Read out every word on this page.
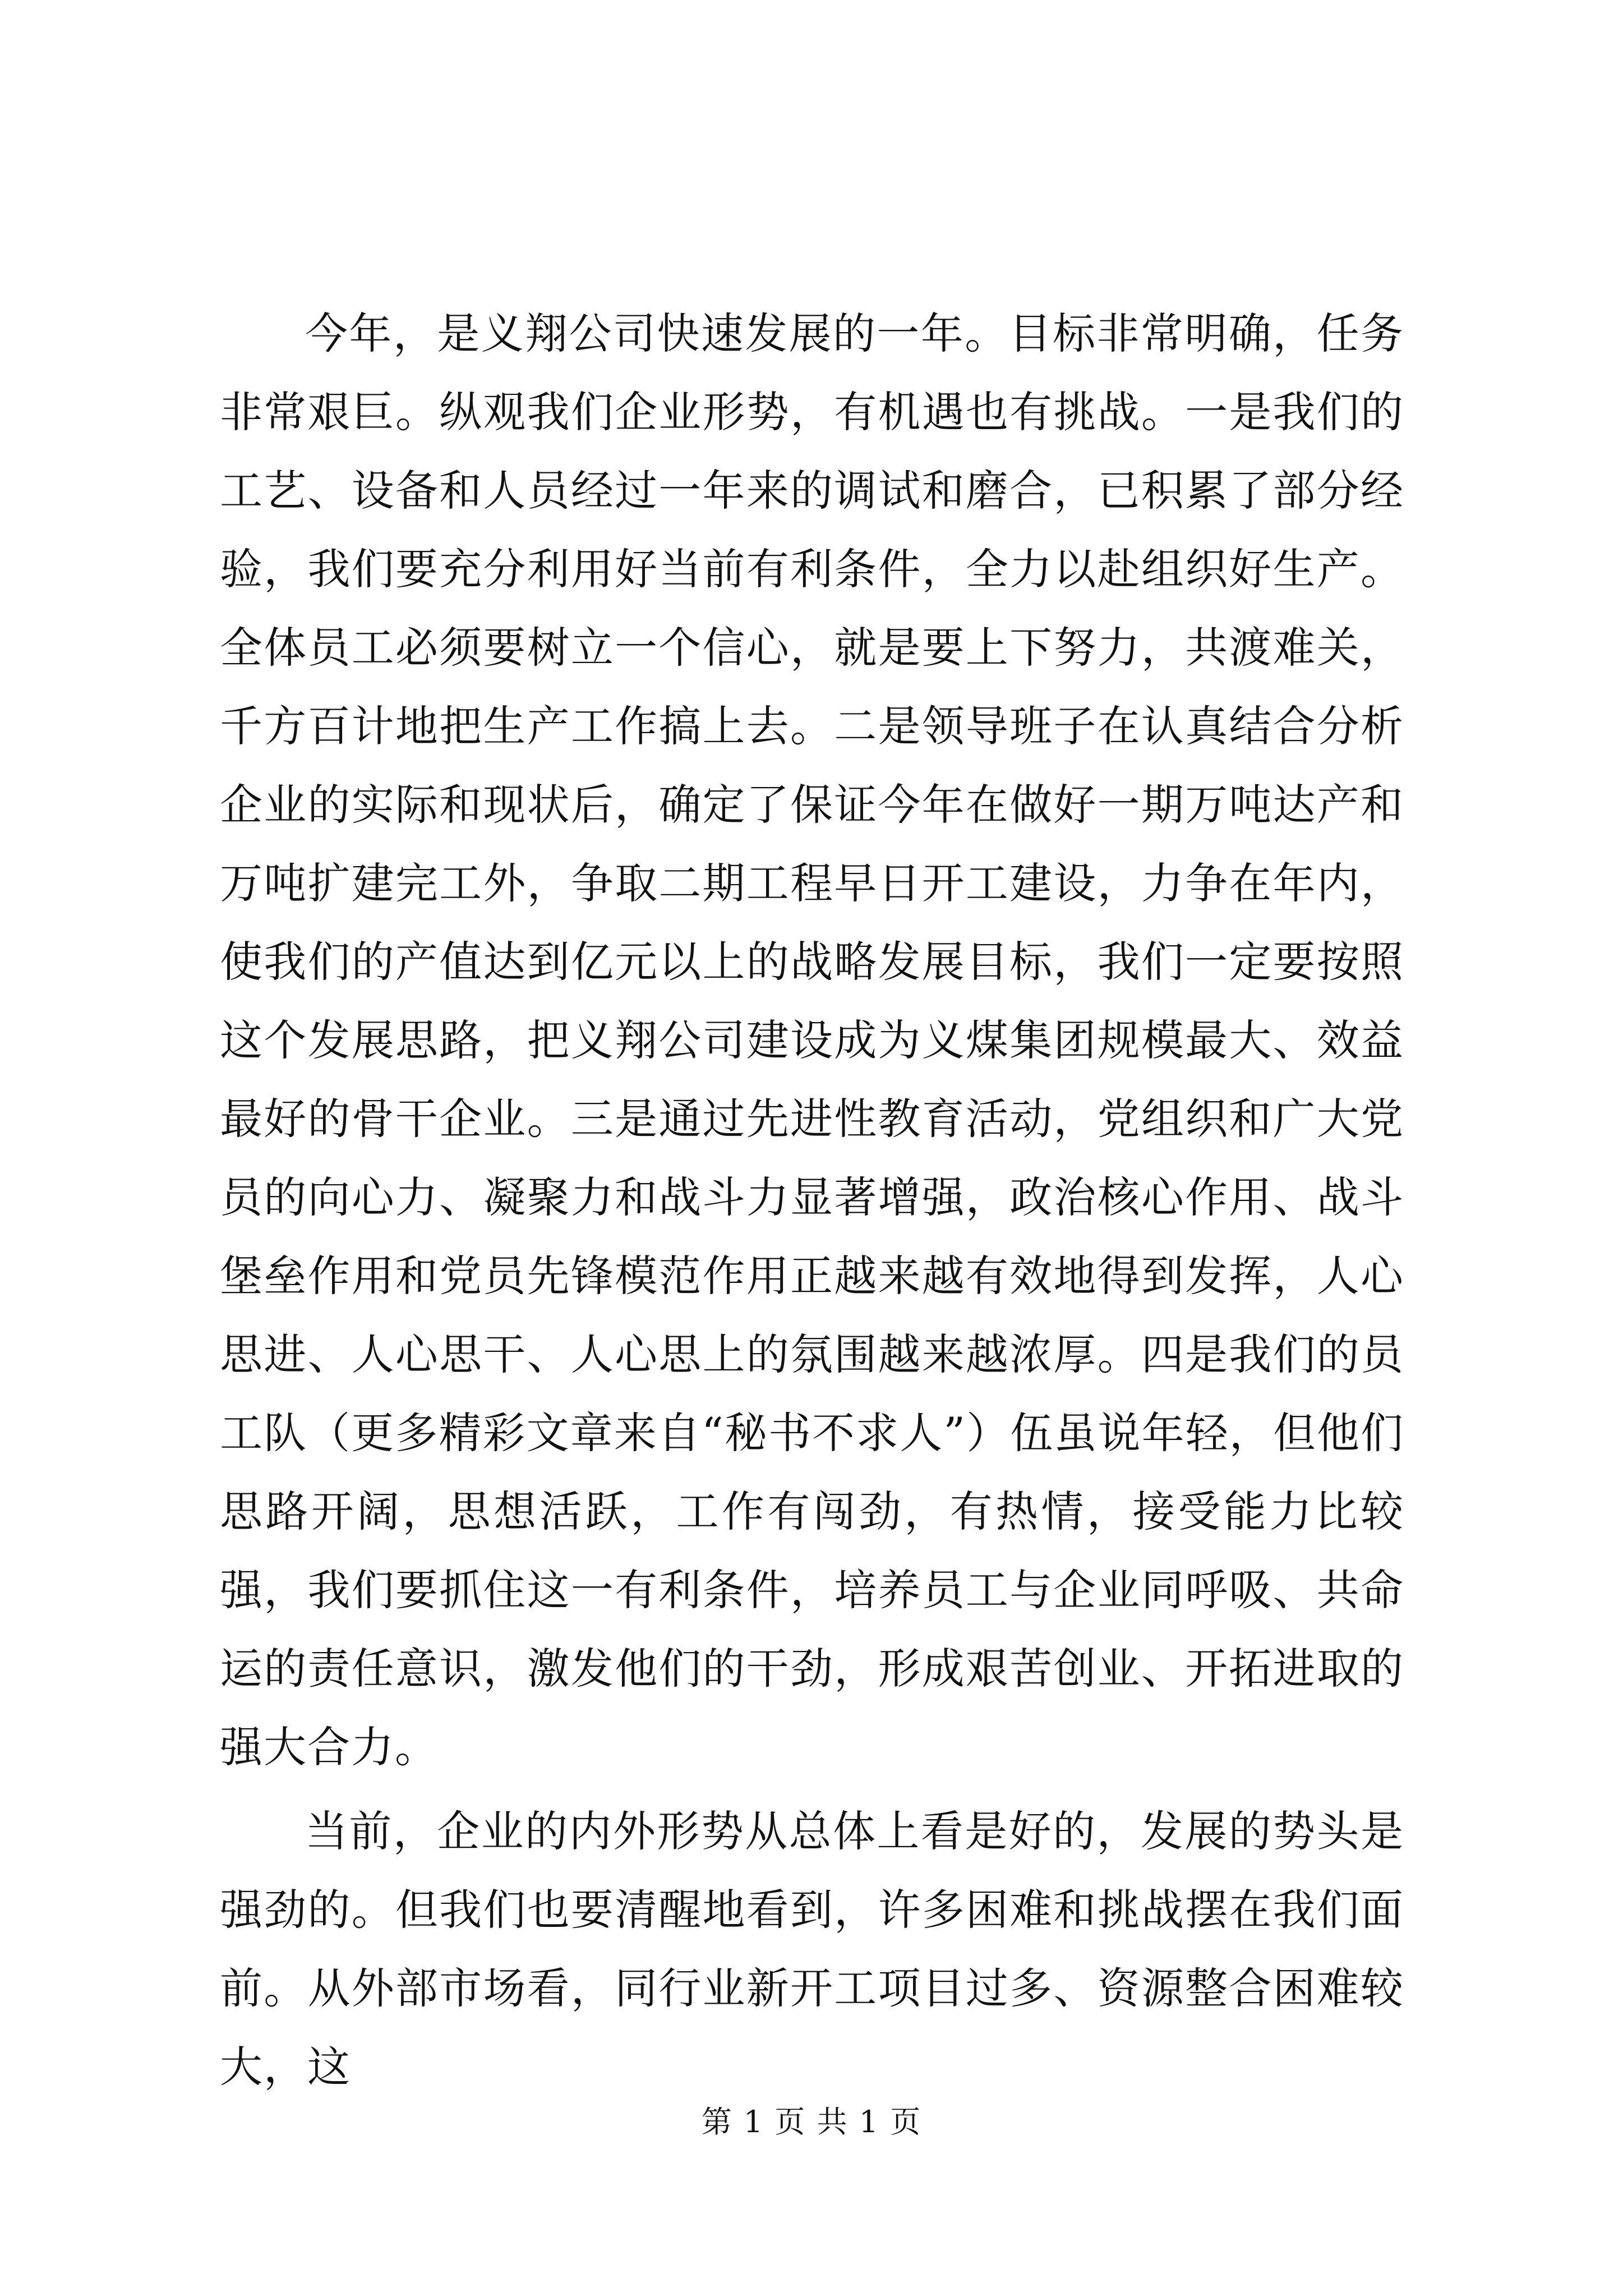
今年，是义翔公司快速发展的一年。目标非常明确，任务非常艰巨。纵观我们企业形势，有机遇也有挑战。一是我们的工艺、设备和人员经过一年来的调试和磨合，已积累了部分经验，我们要充分利用好当前有利条件，全力以赴组织好生产。全体员工必须要树立一个信心，就是要上下努力，共渡难关，千方百计地把生产工作搞上去。二是领导班子在认真结合分析企业的实际和现状后，确定了保证今年在做好一期万吨达产和万吨扩建完工外，争取二期工程早日开工建设，力争在年内，使我们的产值达到亿元以上的战略发展目标，我们一定要按照这个发展思路，把义翔公司建设成为义煤集团规模最大、效益最好的骨干企业。三是通过先进性教育活动，党组织和广大党员的向心力、凝聚力和战斗力显著增强，政治核心作用、战斗堡垒作用和党员先锋模范作用正越来越有效地得到发挥，人心思进、人心思干、人心思上的氛围越来越浓厚。四是我们的员工队（更多精彩文章来自“秘书不求人”）伍虽说年轻，但他们思路开阔，思想活跃，工作有闯劲，有热情，接受能力比较强，我们要抓住这一有利条件，培养员工与企业同呼吸、共命运的责任意识，激发他们的干劲，形成艰苦创业、开拓进取的强大合力。

当前，企业的内外形势从总体上看是好的，发展的势头是强劲的。但我们也要清醒地看到，许多困难和挑战摆在我们面前。从外部市场看，同行业新开工项目过多、资源整合困难较大，这

第 1 页 共 1 页
